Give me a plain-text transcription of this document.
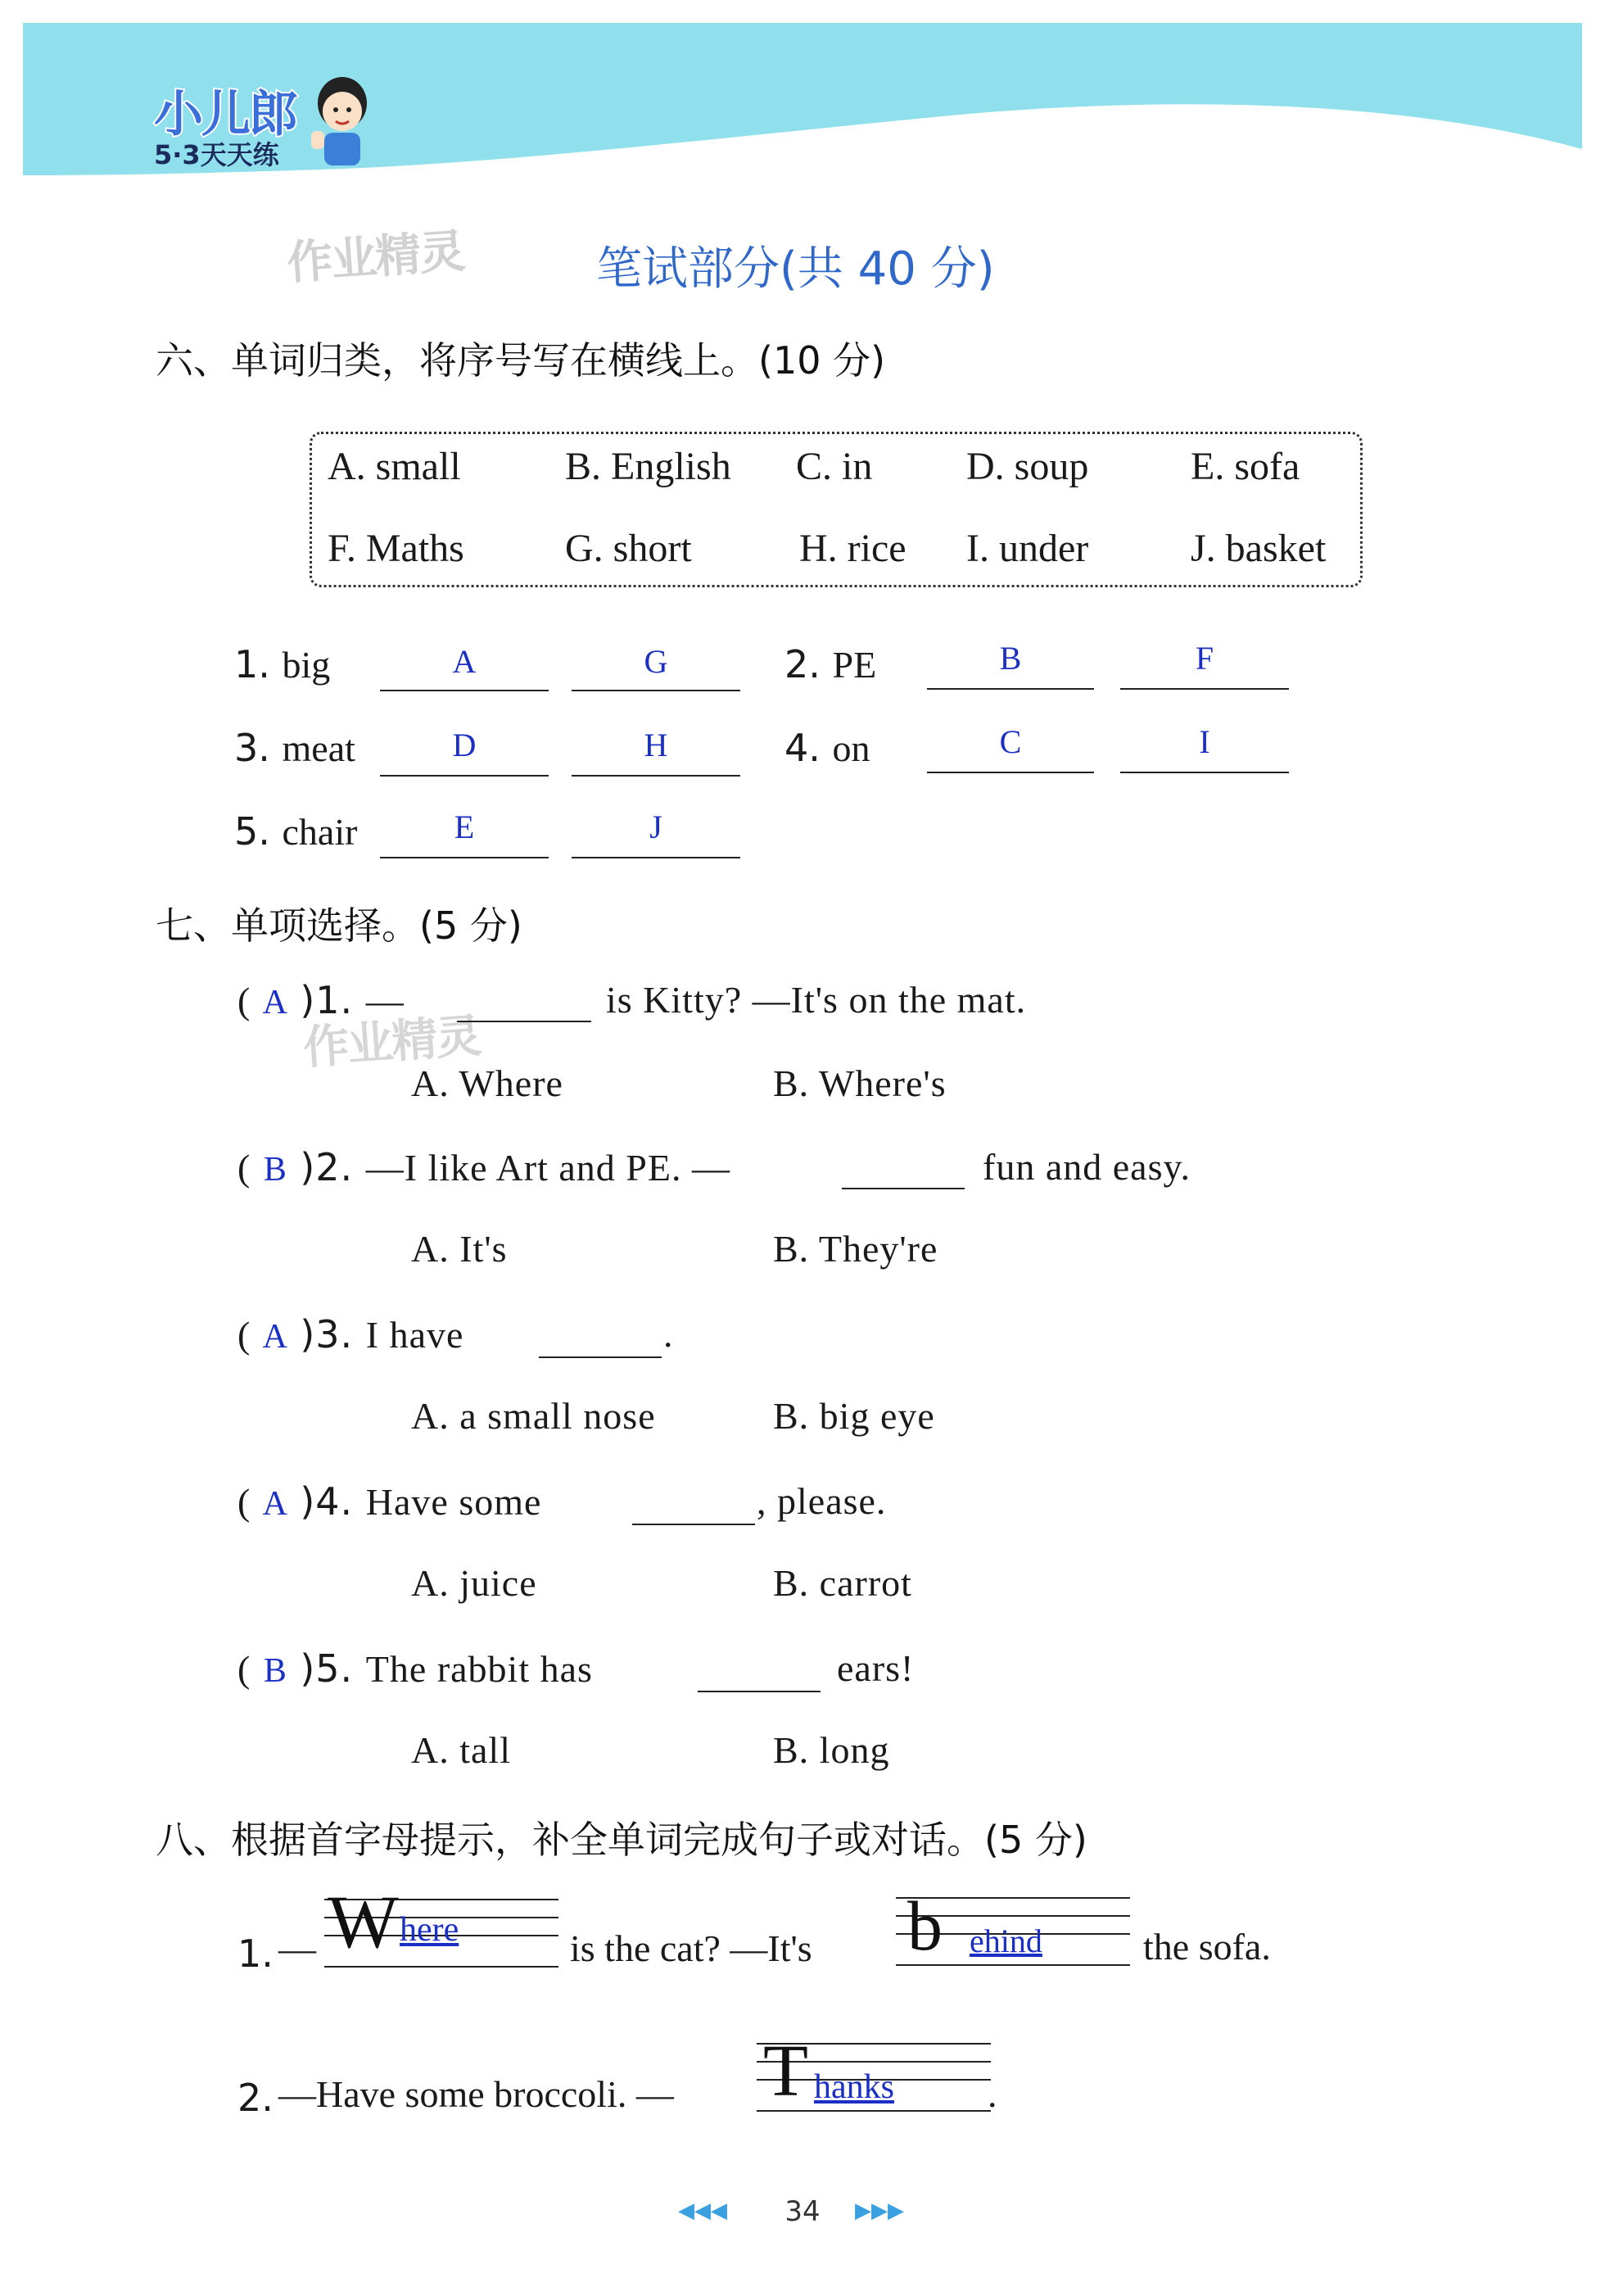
小儿郎
5·3天天练
作业精灵	笔试部分(共 40 分)
六、单词归类，将序号写在横线上。(10 分)
A. small	B. English C. in D. soup	E. sofa
F. Maths	G. short	H. rice I. under	J. basket
1. big	A	G	2. PE	B	F
3. meat	D	H	4. on	C	I
5. chair	E	J
七、单项选择。(5 分)
作业精灵
( A )1. —	is Kitty? —It's on the mat.
A. Where	B. Where's
( B )2. —I like Art and PE. —	fun and easy.
A. It's	B. They're
( A )3. I have	.
A. a small nose	B. big eye
( A )4. Have some	, please.
A. juice	B. carrot
( B )5. The rabbit has	ears!
A. tall	B. long
八、根据首字母提示，补全单词完成句子或对话。(5 分)
1. — W here	is the cat? —It's b ehind	the sofa.
2. —Have some broccoli. — T hanks .
◀◀◀ 34	▶▶▶
